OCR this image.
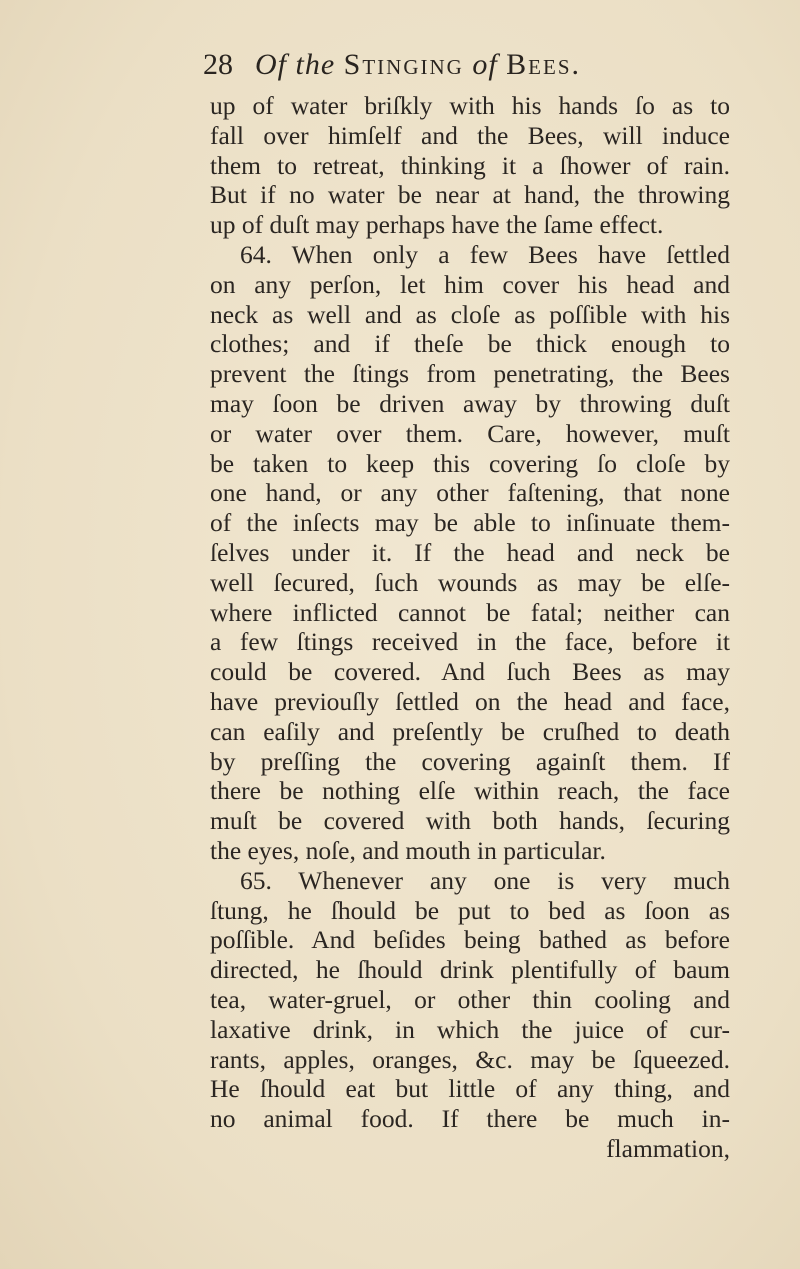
28 Of the Stinging of Bees.
up of water briſkly with his hands ſo as to
fall over himſelf and the Bees, will induce
them to retreat, thinking it a ſhower of rain.
But if no water be near at hand, the throwing
up of duſt may perhaps have the ſame effect.
64. When only a few Bees have ſettled
on any perſon, let him cover his head and
neck as well and as cloſe as poſſible with his
clothes; and if theſe be thick enough to
prevent the ſtings from penetrating, the Bees
may ſoon be driven away by throwing duſt
or water over them. Care, however, muſt
be taken to keep this covering ſo cloſe by
one hand, or any other faſtening, that none
of the inſects may be able to inſinuate them-
ſelves under it. If the head and neck be
well ſecured, ſuch wounds as may be elſe-
where inflicted cannot be fatal; neither can
a few ſtings received in the face, before it
could be covered. And ſuch Bees as may
have previouſly ſettled on the head and face,
can eaſily and preſently be cruſhed to death
by preſſing the covering againſt them. If
there be nothing elſe within reach, the face
muſt be covered with both hands, ſecuring
the eyes, noſe, and mouth in particular.
65. Whenever any one is very much
ſtung, he ſhould be put to bed as ſoon as
poſſible. And beſides being bathed as before
directed, he ſhould drink plentifully of baum
tea, water-gruel, or other thin cooling and
laxative drink, in which the juice of cur-
rants, apples, oranges, &c. may be ſqueezed.
He ſhould eat but little of any thing, and
no animal food. If there be much in-
flammation,
